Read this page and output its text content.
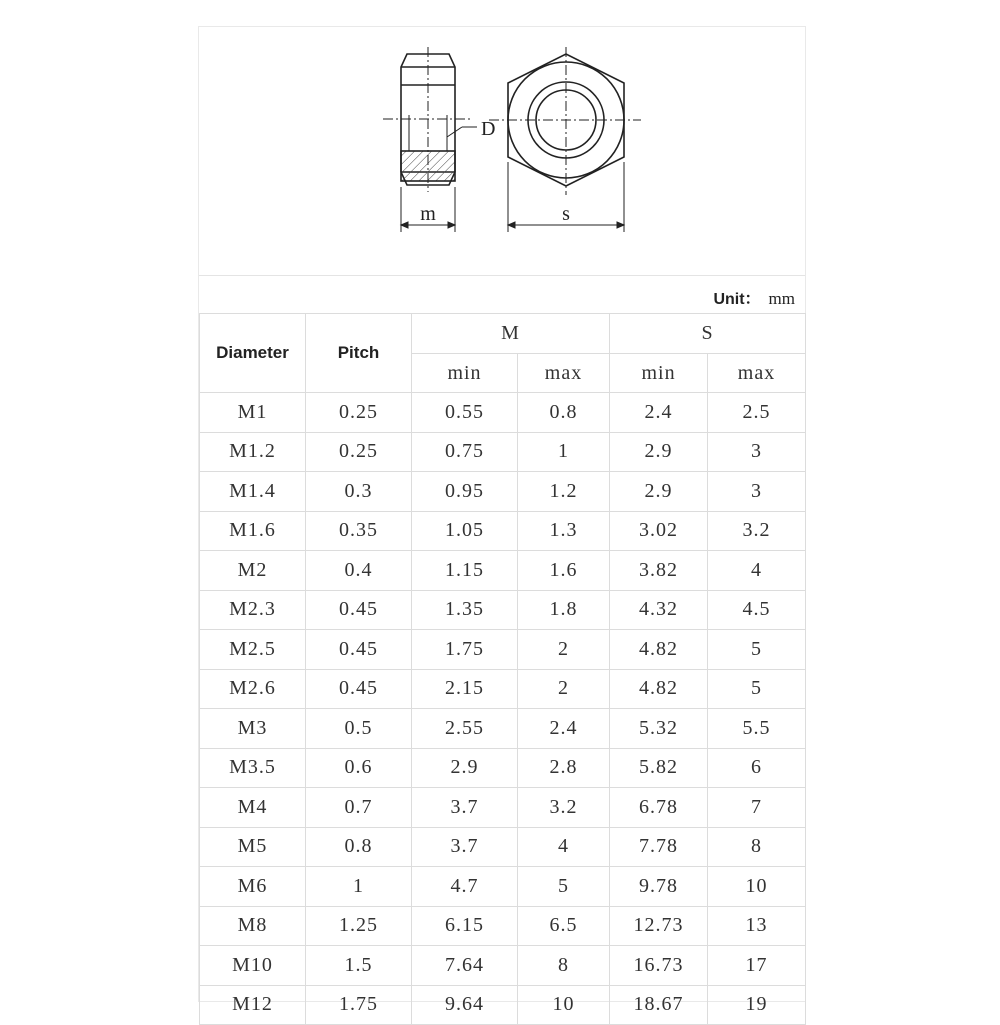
D
m	s
Unit： mm
Diameter	Pitch	M		S	
		min	max	min	max
M1	0.25	0.55	0.8	2.4	2.5
M1.2	0.25	0.75	1	2.9	3
M1.4	0.3	0.95	1.2	2.9	3
M1.6	0.35	1.05	1.3	3.02	3.2
M2	0.4	1.15	1.6	3.82	4
M2.3	0.45	1.35	1.8	4.32	4.5
M2.5	0.45	1.75	2	4.82	5
M2.6	0.45	2.15	2	4.82	5
M3	0.5	2.55	2.4	5.32	5.5
M3.5	0.6	2.9	2.8	5.82	6
M4	0.7	3.7	3.2	6.78	7
M5	0.8	3.7	4	7.78	8
M6	1	4.7	5	9.78	10
M8	1.25	6.15	6.5	12.73	13
M10	1.5	7.64	8	16.73	17
M12	1.75	9.64	10	18.67	19
